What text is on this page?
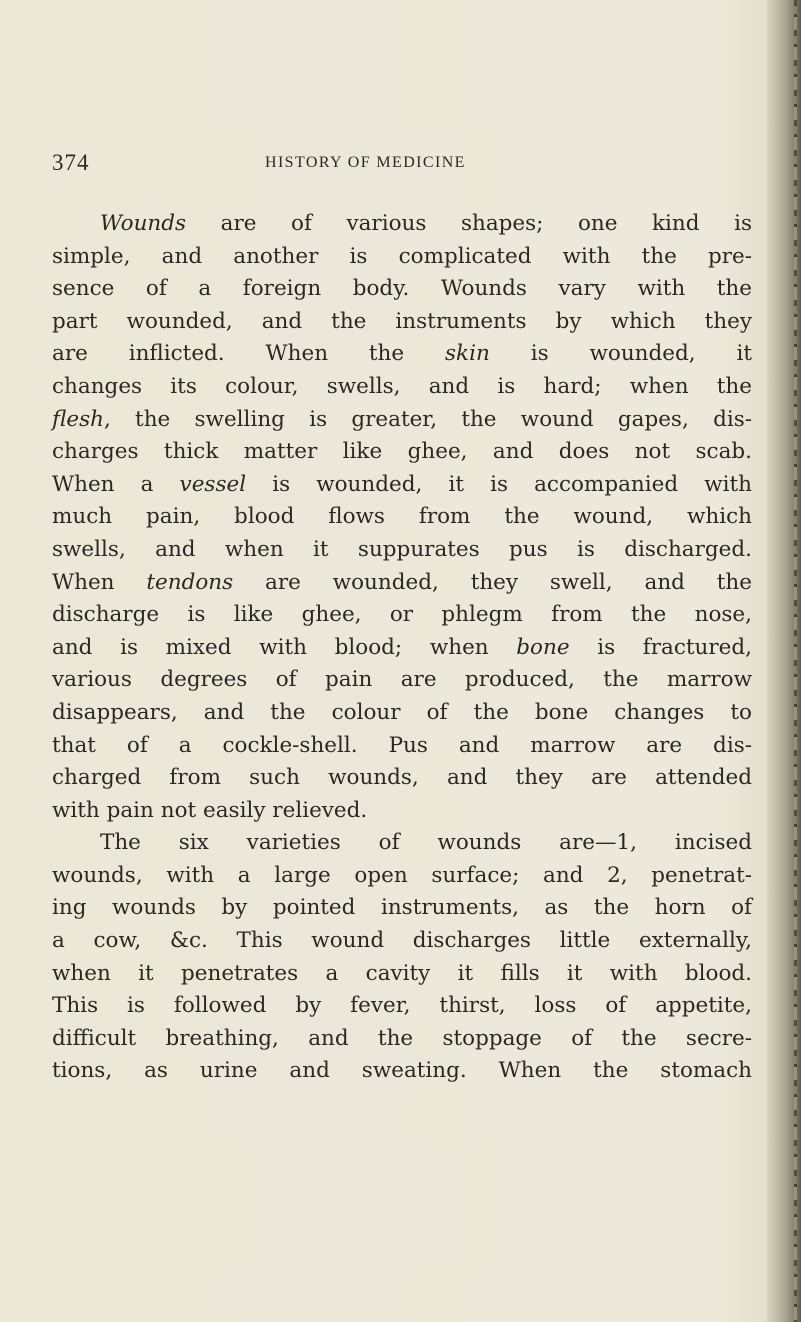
374	HISTORY OF MEDICINE
Wounds are of various shapes; one kind is
simple, and another is complicated with the pre-
sence of a foreign body. Wounds vary with the
part wounded, and the instruments by which they
are inflicted. When the skin is wounded, it
changes its colour, swells, and is hard; when the
flesh, the swelling is greater, the wound gapes, dis-
charges thick matter like ghee, and does not scab.
When a vessel is wounded, it is accompanied with
much pain, blood flows from the wound, which
swells, and when it suppurates pus is discharged.
When tendons are wounded, they swell, and the
discharge is like ghee, or phlegm from the nose,
and is mixed with blood; when bone is fractured,
various degrees of pain are produced, the marrow
disappears, and the colour of the bone changes to
that of a cockle-shell. Pus and marrow are dis-
charged from such wounds, and they are attended
with pain not easily relieved.
The six varieties of wounds are—1, incised
wounds, with a large open surface; and 2, penetrat-
ing wounds by pointed instruments, as the horn of
a cow, &c. This wound discharges little externally,
when it penetrates a cavity it fills it with blood.
This is followed by fever, thirst, loss of appetite,
difficult breathing, and the stoppage of the secre-
tions, as urine and sweating. When the stomach
